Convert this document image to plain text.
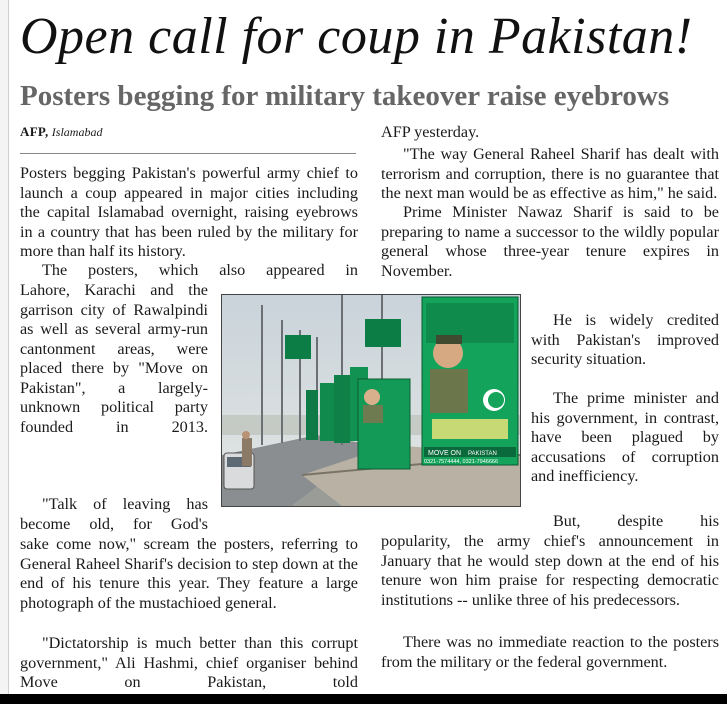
Open call for coup in Pakistan!
Posters begging for military takeover raise eyebrows
AFP, Islamabad

Posters begging Pakistan's powerful army chief to launch a coup appeared in major cities including the capital Islamabad overnight, raising eyebrows in a country that has been ruled by the military for more than half its history.

The posters, which also appeared in

Lahore, Karachi and the garrison city of Rawalpindi as well as several army-run cantonment areas, were placed there by "Move on Pakistan", a largely-unknown political party founded in 2013.

"Talk of leaving has become old, for God's

sake come now," scream the posters, referring to General Raheel Sharif's decision to step down at the end of his tenure this year. They feature a large photograph of the mustachioed general.

"Dictatorship is much better than this corrupt government," Ali Hashmi, chief organiser behind Move on Pakistan, told

AFP yesterday.

"The way General Raheel Sharif has dealt with terrorism and corruption, there is no guarantee that the next man would be as effective as him," he said.

Prime Minister Nawaz Sharif is said to be preparing to name a successor to the wildly popular general whose three-year tenure expires in November.

He is widely credited with Pakistan's improved security situation.

The prime minister and his government, in contrast, have been plagued by accusations of corruption and inefficiency.

But, despite his

popularity, the army chief's announcement in January that he would step down at the end of his tenure won him praise for respecting democratic institutions -- unlike three of his predecessors.

There was no immediate reaction to the posters from the military or the federal government.

MOVE ON PAKISTAN
0321-7574444, 0321-7946666
